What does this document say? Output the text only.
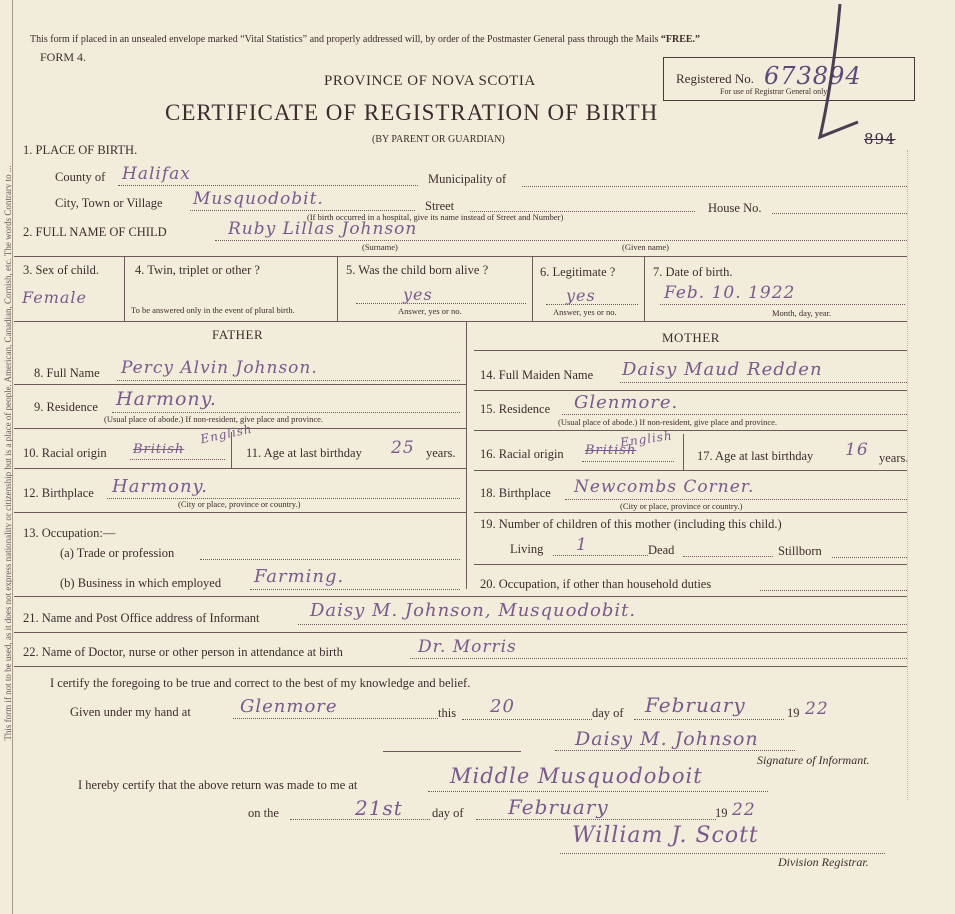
This form if not to be used, as it does not express nationality or citizenship but is a place of people. American, Canadian, Cornish, etc. The words Contrary to ...
This form if placed in an unsealed envelope marked “Vital Statistics” and properly addressed will, by order of the Postmaster General pass through the Mails “FREE.”
FORM 4.
PROVINCE OF NOVA SCOTIA
CERTIFICATE OF REGISTRATION OF BIRTH
(BY PARENT OR GUARDIAN)
Registered No. 673894
For use of Registrar General only.
894
1. PLACE OF BIRTH.
County of Halifax	Municipality of
City, Town or Village Musquodobit.	Street	House No.
(If birth occurred in a hospital, give its name instead of Street and Number)
2. FULL NAME OF CHILD	Ruby Lillas Johnson
(Surname)	(Given name)
3. Sex of child.
Female
4. Twin, triplet or other ?
To be answered only in the event of plural birth.
5. Was the child born alive ?
yes
Answer, yes or no.
6. Legitimate ?
yes
Answer, yes or no.
7. Date of birth.
Feb. 10. 1922
Month, day, year.
FATHER	MOTHER
8. Full Name Percy Alvin Johnson.
9. Residence Harmony.
(Usual place of abode.) If non-resident, give place and province.
10. Racial origin British
English
11. Age at last birthday 25 years.
12. Birthplace Harmony.
(City or place, province or country.)
13. Occupation:—
(a) Trade or profession
(b) Business in which employed Farming.
14. Full Maiden Name Daisy Maud Redden
15. Residence Glenmore.
(Usual place of abode.) If non-resident, give place and province.
16. Racial origin British
English
17. Age at last birthday 16 years.
18. Birthplace Newcombs Corner.
(City or place, province or country.)
19. Number of children of this mother (including this child.)
Living 1	Dead	Stillborn
20. Occupation, if other than household duties
21. Name and Post Office address of Informant	Daisy M. Johnson, Musquodobit.
22. Name of Doctor, nurse or other person in attendance at birth	Dr. Morris
I certify the foregoing to be true and correct to the best of my knowledge and belief.
Given under my hand at	Glenmore	this 20	day of February	19 22
Daisy M. Johnson
Signature of Informant.
I hereby certify that the above return was made to me at	Middle Musquodoboit
on the	21st day of February	19 22
William J. Scott
Division Registrar.
